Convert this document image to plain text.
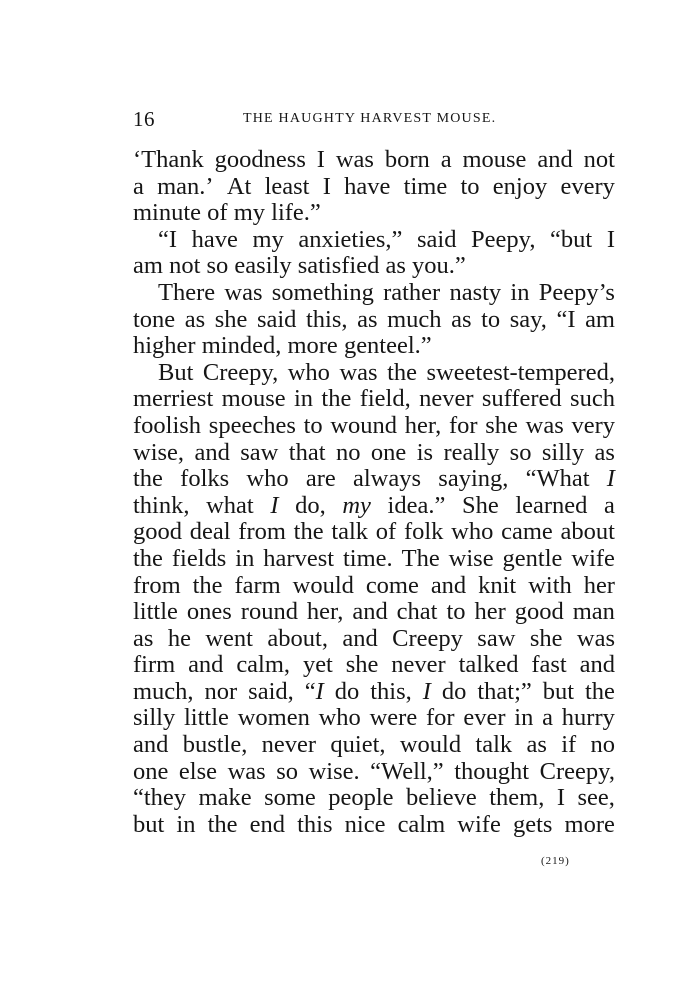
16	THE HAUGHTY HARVEST MOUSE.
‘Thank goodness I was born a mouse and not
a man.’ At least I have time to enjoy every
minute of my life.”
“I have my anxieties,” said Peepy, “but I
am not so easily satisfied as you.”
There was something rather nasty in Peepy’s
tone as she said this, as much as to say, “I am
higher minded, more genteel.”
But Creepy, who was the sweetest-tempered,
merriest mouse in the field, never suffered such
foolish speeches to wound her, for she was very
wise, and saw that no one is really so silly as
the folks who are always saying, “What I
think, what I do, my idea.” She learned a
good deal from the talk of folk who came about
the fields in harvest time. The wise gentle wife
from the farm would come and knit with her
little ones round her, and chat to her good man
as he went about, and Creepy saw she was
firm and calm, yet she never talked fast and
much, nor said, “I do this, I do that;” but the
silly little women who were for ever in a hurry
and bustle, never quiet, would talk as if no
one else was so wise. “Well,” thought Creepy,
“they make some people believe them, I see,
but in the end this nice calm wife gets more
(219)
